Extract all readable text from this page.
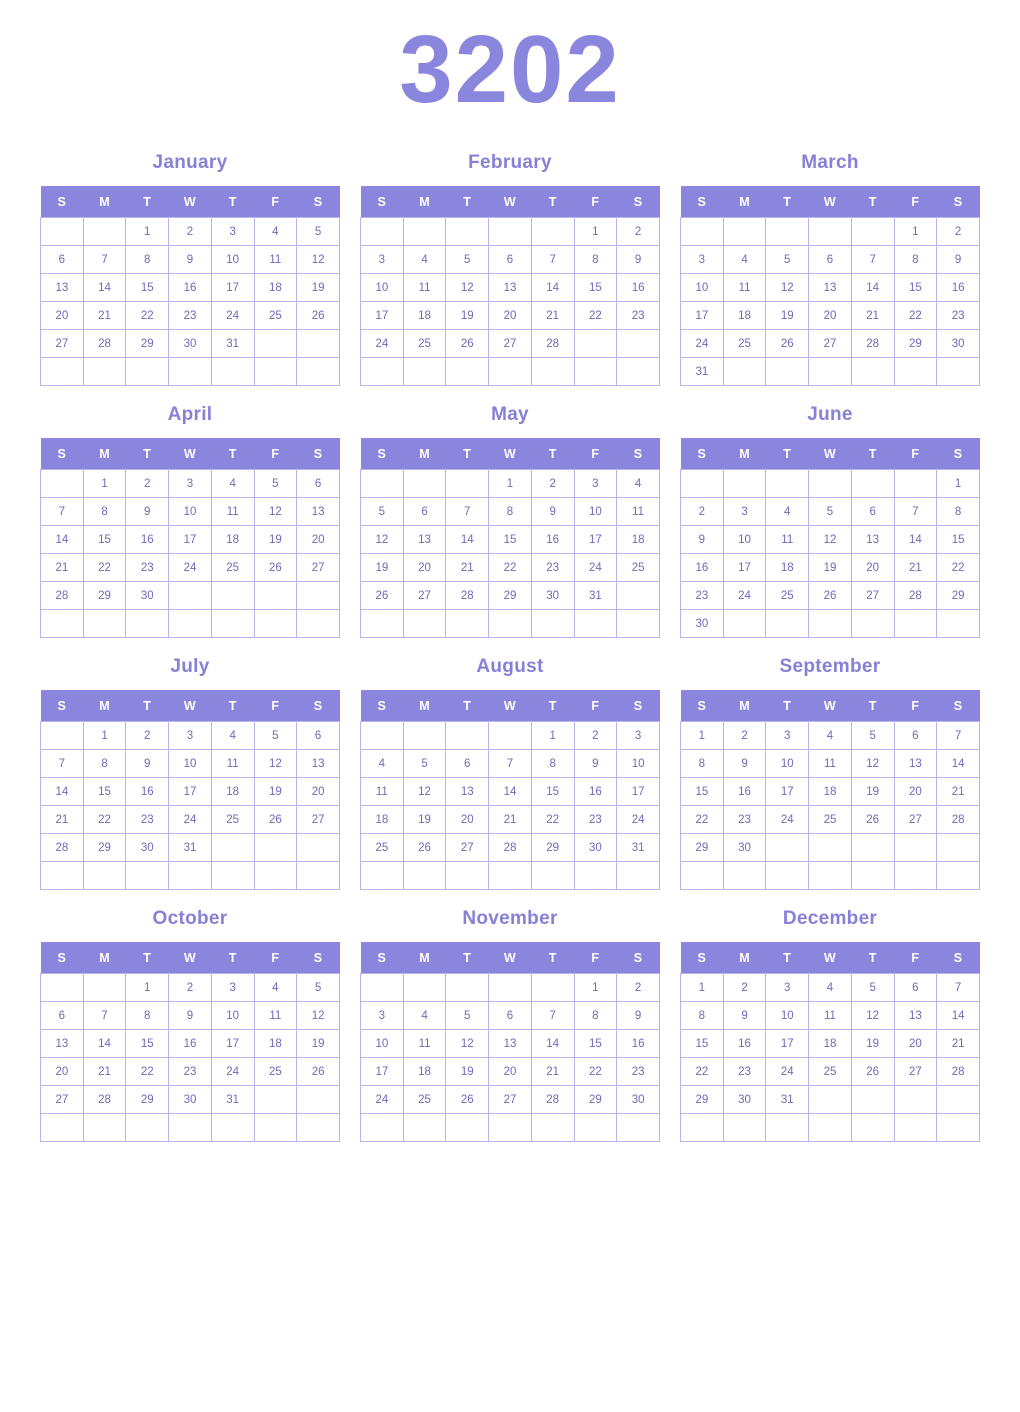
3202
January
S	M	T	W	T	F	S
		1	2	3	4	5
6	7	8	9	10	11	12
13	14	15	16	17	18	19
20	21	22	23	24	25	26
27	28	29	30	31		

February
S	M	T	W	T	F	S
					1	2
3	4	5	6	7	8	9
10	11	12	13	14	15	16
17	18	19	20	21	22	23
24	25	26	27	28		

March
S	M	T	W	T	F	S
					1	2
3	4	5	6	7	8	9
10	11	12	13	14	15	16
17	18	19	20	21	22	23
24	25	26	27	28	29	30
31						
April
S	M	T	W	T	F	S
	1	2	3	4	5	6
7	8	9	10	11	12	13
14	15	16	17	18	19	20
21	22	23	24	25	26	27
28	29	30				

May
S	M	T	W	T	F	S
			1	2	3	4
5	6	7	8	9	10	11
12	13	14	15	16	17	18
19	20	21	22	23	24	25
26	27	28	29	30	31	

June
S	M	T	W	T	F	S
						1
2	3	4	5	6	7	8
9	10	11	12	13	14	15
16	17	18	19	20	21	22
23	24	25	26	27	28	29
30						
July
S	M	T	W	T	F	S
	1	2	3	4	5	6
7	8	9	10	11	12	13
14	15	16	17	18	19	20
21	22	23	24	25	26	27
28	29	30	31			

August
S	M	T	W	T	F	S
				1	2	3
4	5	6	7	8	9	10
11	12	13	14	15	16	17
18	19	20	21	22	23	24
25	26	27	28	29	30	31

September
S	M	T	W	T	F	S
1	2	3	4	5	6	7
8	9	10	11	12	13	14
15	16	17	18	19	20	21
22	23	24	25	26	27	28
29	30					

October
S	M	T	W	T	F	S
		1	2	3	4	5
6	7	8	9	10	11	12
13	14	15	16	17	18	19
20	21	22	23	24	25	26
27	28	29	30	31		

November
S	M	T	W	T	F	S
					1	2
3	4	5	6	7	8	9
10	11	12	13	14	15	16
17	18	19	20	21	22	23
24	25	26	27	28	29	30

December
S	M	T	W	T	F	S
1	2	3	4	5	6	7
8	9	10	11	12	13	14
15	16	17	18	19	20	21
22	23	24	25	26	27	28
29	30	31				
